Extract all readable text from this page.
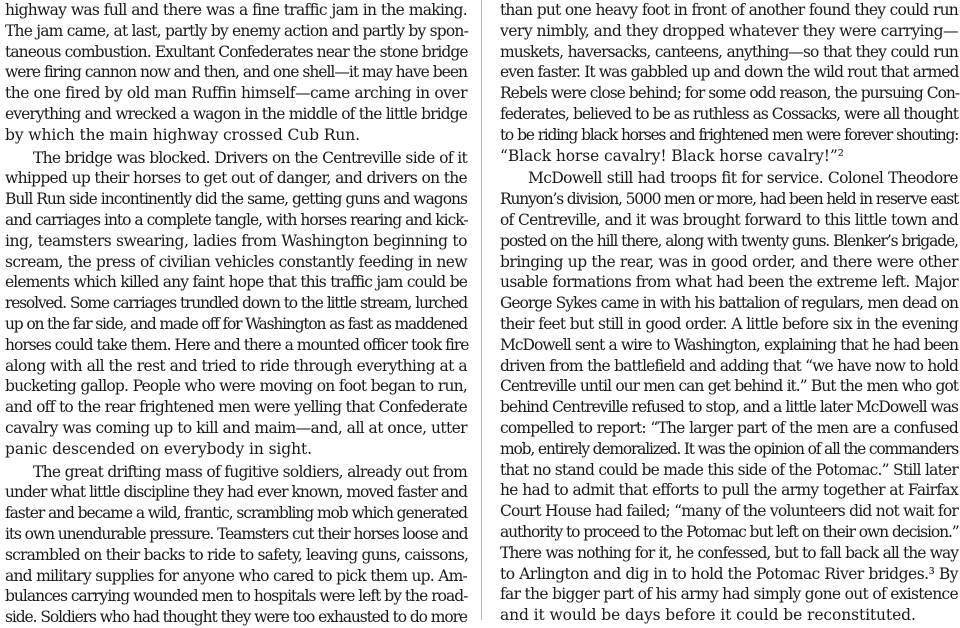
highway was full and there was a fine traffic jam in the making.
The jam came, at last, partly by enemy action and partly by spon-
taneous combustion. Exultant Confederates near the stone bridge
were firing cannon now and then, and one shell—it may have been
the one fired by old man Ruffin himself—came arching in over
everything and wrecked a wagon in the middle of the little bridge
by which the main highway crossed Cub Run.
The bridge was blocked. Drivers on the Centreville side of it
whipped up their horses to get out of danger, and drivers on the
Bull Run side incontinently did the same, getting guns and wagons
and carriages into a complete tangle, with horses rearing and kick-
ing, teamsters swearing, ladies from Washington beginning to
scream, the press of civilian vehicles constantly feeding in new
elements which killed any faint hope that this traffic jam could be
resolved. Some carriages trundled down to the little stream, lurched
up on the far side, and made off for Washington as fast as maddened
horses could take them. Here and there a mounted officer took fire
along with all the rest and tried to ride through everything at a
bucketing gallop. People who were moving on foot began to run,
and off to the rear frightened men were yelling that Confederate
cavalry was coming up to kill and maim—and, all at once, utter
panic descended on everybody in sight.
The great drifting mass of fugitive soldiers, already out from
under what little discipline they had ever known, moved faster and
faster and became a wild, frantic, scrambling mob which generated
its own unendurable pressure. Teamsters cut their horses loose and
scrambled on their backs to ride to safety, leaving guns, caissons,
and military supplies for anyone who cared to pick them up. Am-
bulances carrying wounded men to hospitals were left by the road-
side. Soldiers who had thought they were too exhausted to do more
than put one heavy foot in front of another found they could run
very nimbly, and they dropped whatever they were carrying—
muskets, haversacks, canteens, anything—so that they could run
even faster. It was gabbled up and down the wild rout that armed
Rebels were close behind; for some odd reason, the pursuing Con-
federates, believed to be as ruthless as Cossacks, were all thought
to be riding black horses and frightened men were forever shouting:
“Black horse cavalry! Black horse cavalry!”²
McDowell still had troops fit for service. Colonel Theodore
Runyon’s division, 5000 men or more, had been held in reserve east
of Centreville, and it was brought forward to this little town and
posted on the hill there, along with twenty guns. Blenker’s brigade,
bringing up the rear, was in good order, and there were other
usable formations from what had been the extreme left. Major
George Sykes came in with his battalion of regulars, men dead on
their feet but still in good order. A little before six in the evening
McDowell sent a wire to Washington, explaining that he had been
driven from the battlefield and adding that “we have now to hold
Centreville until our men can get behind it.” But the men who got
behind Centreville refused to stop, and a little later McDowell was
compelled to report: “The larger part of the men are a confused
mob, entirely demoralized. It was the opinion of all the commanders
that no stand could be made this side of the Potomac.” Still later
he had to admit that efforts to pull the army together at Fairfax
Court House had failed; “many of the volunteers did not wait for
authority to proceed to the Potomac but left on their own decision.”
There was nothing for it, he confessed, but to fall back all the way
to Arlington and dig in to hold the Potomac River bridges.³ By
far the bigger part of his army had simply gone out of existence
and it would be days before it could be reconstituted.
